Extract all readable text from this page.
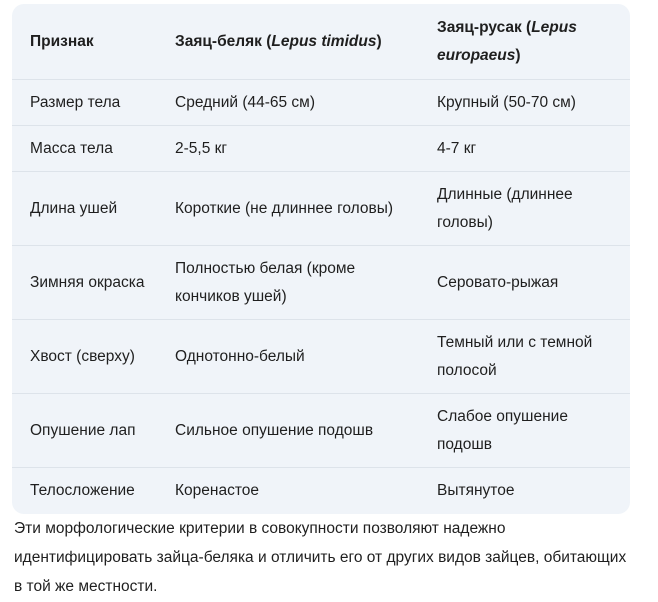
Признак	Заяц-беляк (Lepus timidus)	Заяц-русак (Lepus europaeus)
Размер тела	Средний (44-65 см)	Крупный (50-70 см)
Масса тела	2-5,5 кг	4-7 кг
Длина ушей	Короткие (не длиннее головы)	Длинные (длиннее головы)
Зимняя окраска	Полностью белая (кроме кончиков ушей)	Серовато-рыжая
Хвост (сверху)	Однотонно-белый	Темный или с темной полосой
Опушение лап	Сильное опушение подошв	Слабое опушение подошв
Телосложение	Коренастое	Вытянутое

Эти морфологические критерии в совокупности позволяют надежно идентифицировать зайца-беляка и отличить его от других видов зайцев, обитающих в той же местности.
